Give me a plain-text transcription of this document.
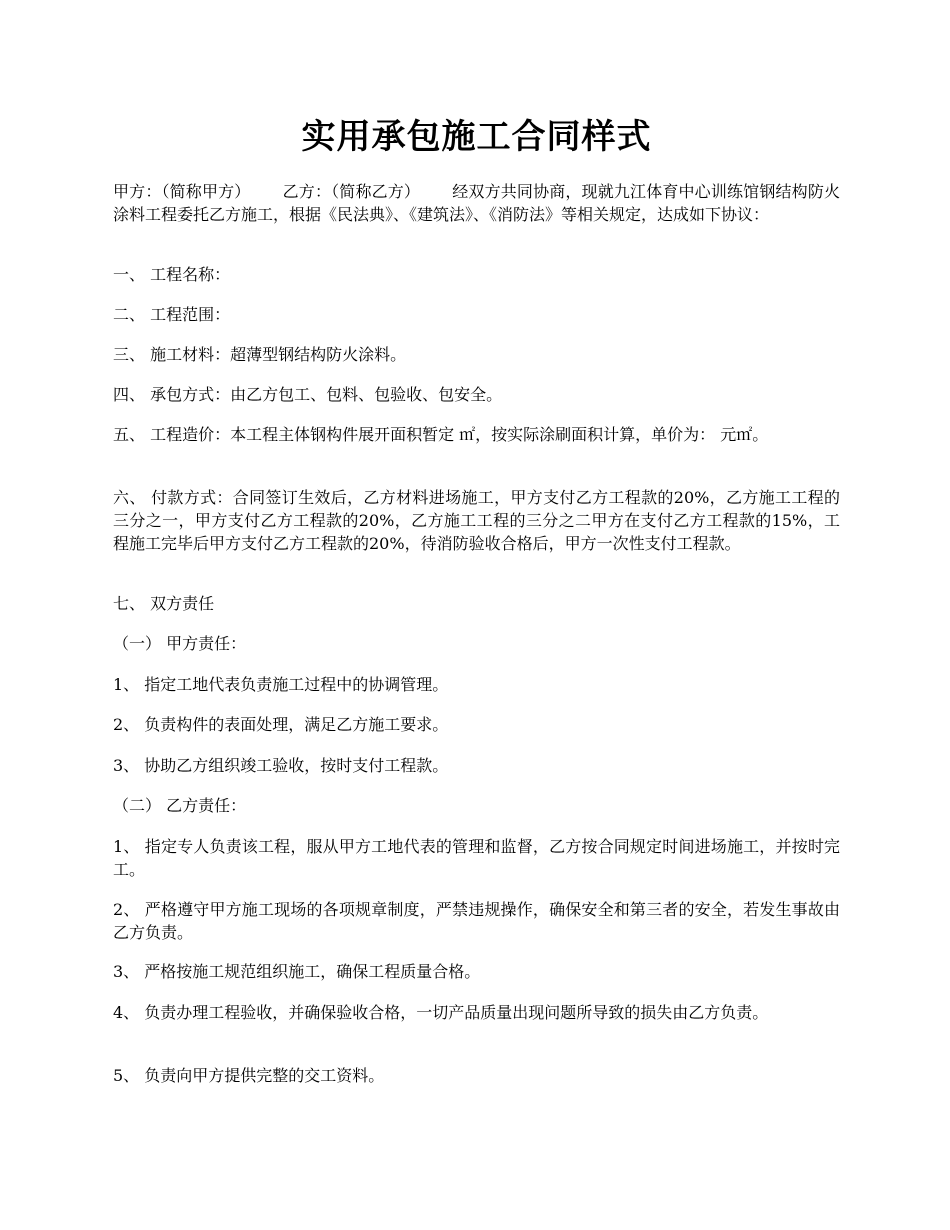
实用承包施工合同样式
甲方：（简称甲方） 乙方：（简称乙方） 经双方共同协商，现就九江体育中心训练馆钢结构防火涂料工程委托乙方施工，根据《民法典》、《建筑法》、《消防法》等相关规定，达成如下协议：
一、 工程名称：
二、 工程范围：
三、 施工材料：超薄型钢结构防火涂料。
四、 承包方式：由乙方包工、包料、包验收、包安全。
五、 工程造价：本工程主体钢构件展开面积暂定 ㎡，按实际涂刷面积计算，单价为： 元㎡。
六、 付款方式：合同签订生效后，乙方材料进场施工，甲方支付乙方工程款的20%，乙方施工工程的三分之一，甲方支付乙方工程款的20%，乙方施工工程的三分之二甲方在支付乙方工程款的15%，工程施工完毕后甲方支付乙方工程款的20%，待消防验收合格后，甲方一次性支付工程款。
七、 双方责任
（一） 甲方责任：
1、 指定工地代表负责施工过程中的协调管理。
2、 负责构件的表面处理，满足乙方施工要求。
3、 协助乙方组织竣工验收，按时支付工程款。
（二） 乙方责任：
1、 指定专人负责该工程，服从甲方工地代表的管理和监督，乙方按合同规定时间进场施工，并按时完工。
2、 严格遵守甲方施工现场的各项规章制度，严禁违规操作，确保安全和第三者的安全，若发生事故由乙方负责。
3、 严格按施工规范组织施工，确保工程质量合格。
4、 负责办理工程验收，并确保验收合格，一切产品质量出现问题所导致的损失由乙方负责。
5、 负责向甲方提供完整的交工资料。
